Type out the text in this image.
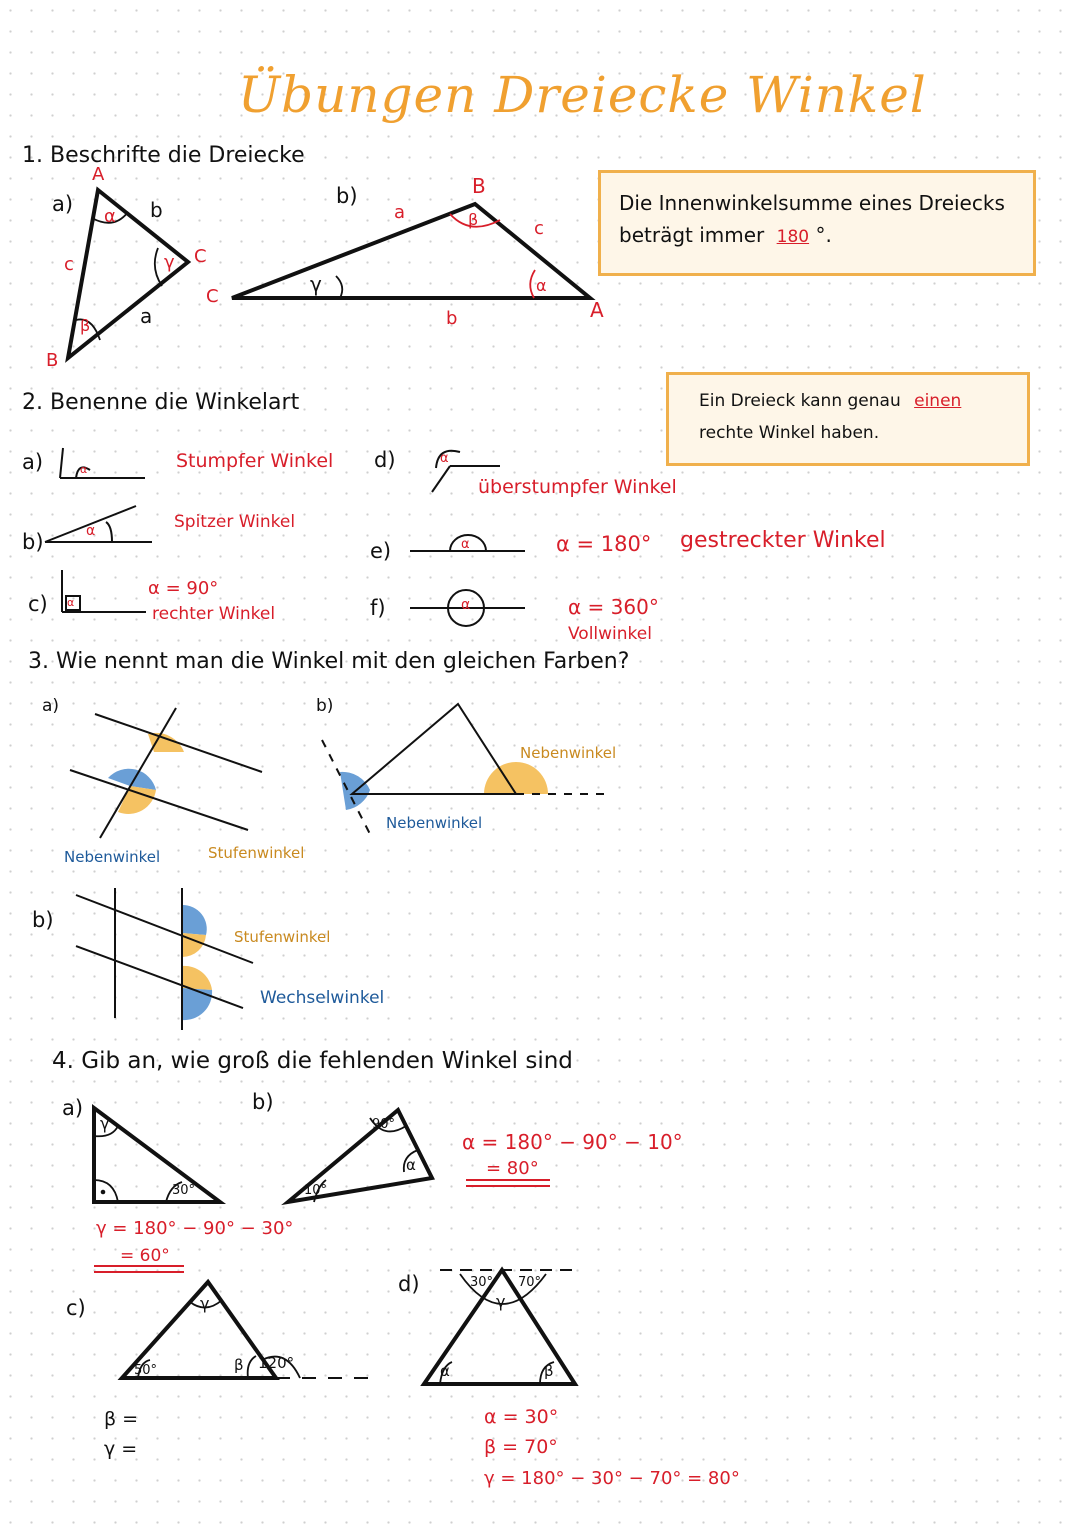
Übungen Dreiecke Winkel
1. Beschrifte die Dreiecke
2. Benenne die Winkelart
3. Wie nennt man die Winkel mit den gleichen Farben?
4. Gib an, wie groß die fehlenden Winkel sind
Die Innenwinkelsumme eines Dreiecks
beträgt immer 180 °.
Ein Dreieck kann genau einen
rechte Winkel haben.
a)	b)
a)
b)
c)
d)
e)
f)
a)	b)
b)
a)	b)
c)
d)
A
b
α
γ C
c
a
β
B
B
a	β	c
γ
C
α
b	A
α
α
α
α
α
α
Stumpfer Winkel
Spitzer Winkel
α = 90°
rechter Winkel
überstumpfer Winkel
α = 180° gestreckter Winkel
α = 360°
Vollwinkel
Nebenwinkel	Stufenwinkel
Nebenwinkel
Nebenwinkel
Stufenwinkel
Wechselwinkel
γ
30°
γ = 180° − 90° − 30°
= 60°
90°
10°
α
α = 180° − 90° − 10°
= 80°
γ
50°	β 120°
β =
γ =
30° 70°
γ
α	β
α = 30°
β = 70°
γ = 180° − 30° − 70° = 80°
